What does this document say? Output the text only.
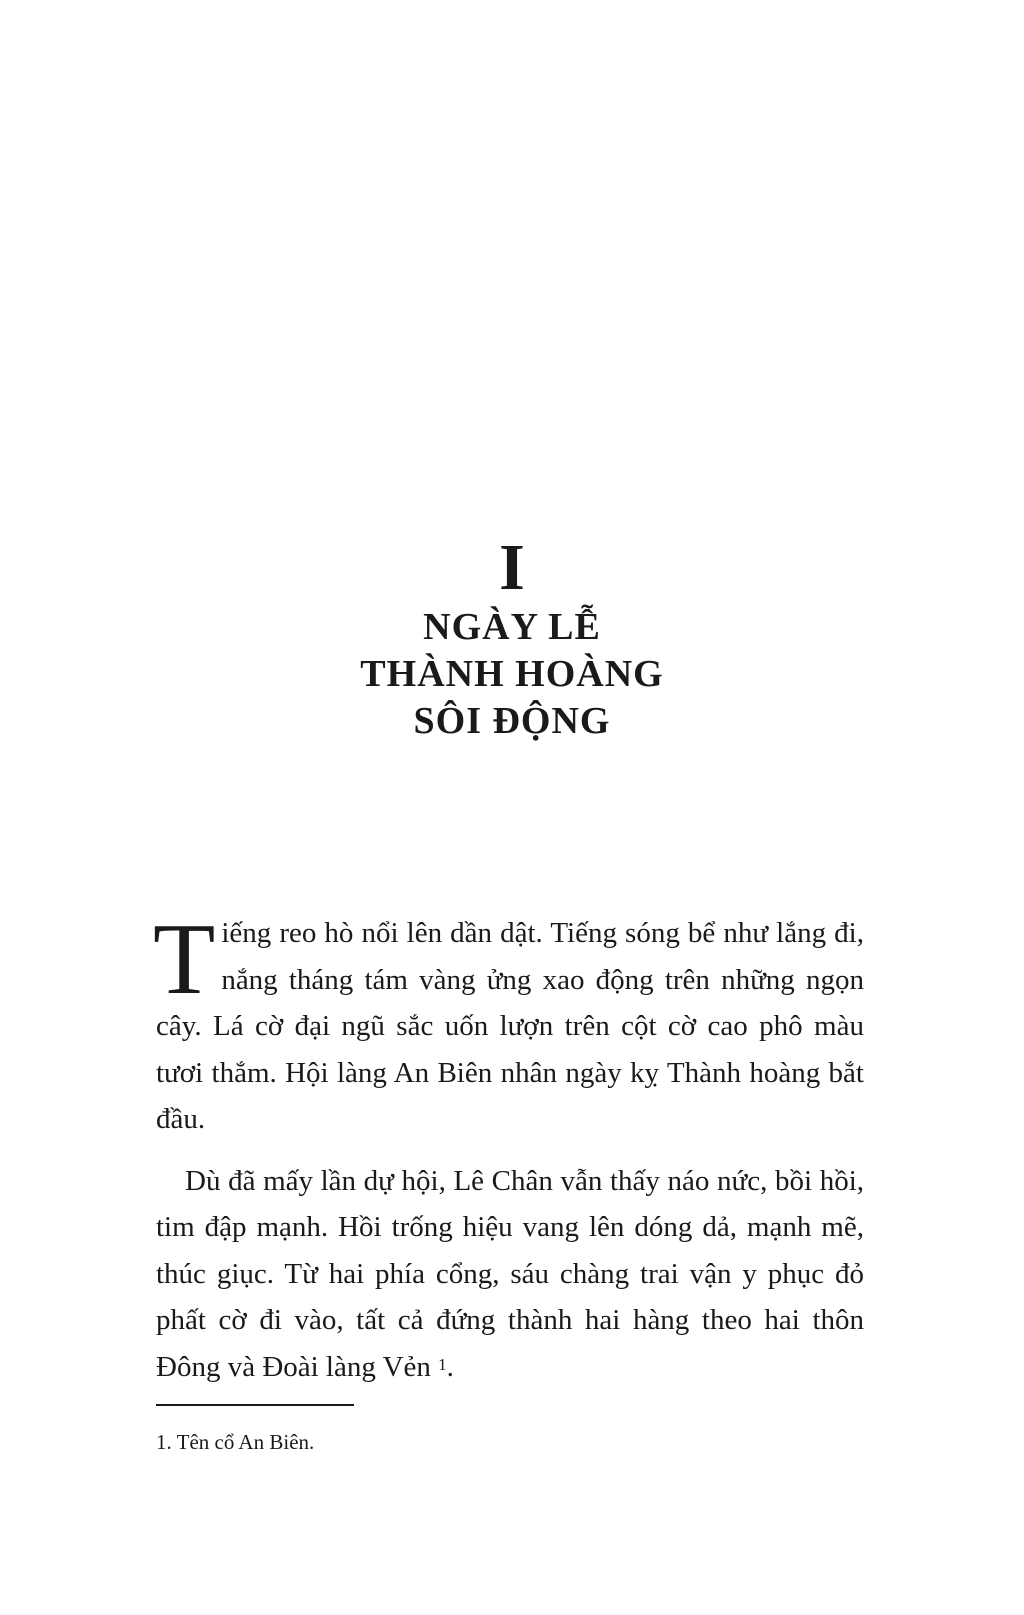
I
NGÀY LỄ
THÀNH HOÀNG
SÔI ĐỘNG

Tiếng reo hò nổi lên dần dật. Tiếng sóng bể như lắng đi, nắng tháng tám vàng ửng xao động trên những ngọn cây. Lá cờ đại ngũ sắc uốn lượn trên cột cờ cao phô màu tươi thắm. Hội làng An Biên nhân ngày kỵ Thành hoàng bắt đầu.

Dù đã mấy lần dự hội, Lê Chân vẫn thấy náo nức, bồi hồi, tim đập mạnh. Hồi trống hiệu vang lên dóng dả, mạnh mẽ, thúc giục. Từ hai phía cổng, sáu chàng trai vận y phục đỏ phất cờ đi vào, tất cả đứng thành hai hàng theo hai thôn Đông và Đoài làng Vẻn $^1$.

1. Tên cổ An Biên.
